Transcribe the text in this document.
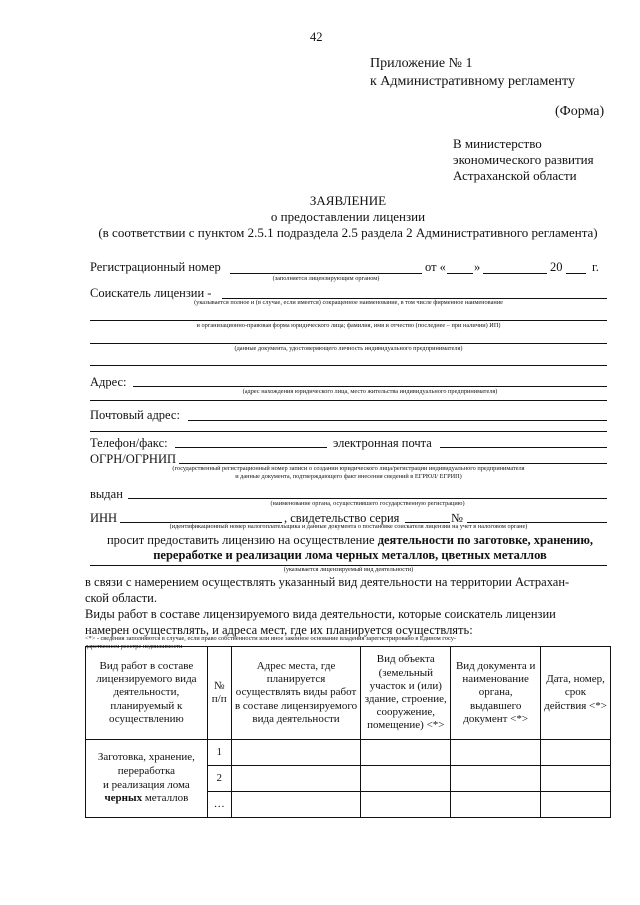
42
Приложение № 1
к Административному регламенту
(Форма)
В министерство
экономического развития
Астраханской области
ЗАЯВЛЕНИЕ
о предоставлении лицензии
(в соответствии с пунктом 2.5.1 подраздела 2.5 раздела 2 Административного регламента)
Регистрационный номер	от « »	20 г.
(заполняется лицензирующим органом)
Соискатель лицензии -
(указывается полное и (в случае, если имеется) сокращенное наименование, в том числе фирменное наименование
и организационно-правовая форма юридического лица; фамилия, имя и отчество (последнее – при наличии) ИП)
(данные документа, удостоверяющего личность индивидуального предпринимателя)
Адрес:
(адрес нахождения юридического лица, место жительства индивидуального предпринимателя)
Почтовый адрес:
Телефон/факс:	электронная почта
ОГРН/ОГРНИП
(государственный регистрационный номер записи о создании юридического лица/регистрации индивидуального предпринимателя
и данные документа, подтверждающего факт внесения сведений в ЕГРЮЛ/ ЕГРИП)
выдан
(наименование органа, осуществившего государственную регистрацию)
ИНН	, свидетельство серия	№
(идентификационный номер налогоплательщика и данные документа о постановке соискателя лицензии на учет в налоговом органе)
просит предоставить лицензию на осуществление деятельности по заготовке, хранению,
переработке и реализации лома черных металлов, цветных металлов
(указывается лицензируемый вид деятельности)
в связи с намерением осуществлять указанный вид деятельности на территории Астрахан-
ской области.
Виды работ в составе лицензируемого вида деятельности, которые соискатель лицензии
намерен осуществлять, и адреса мест, где их планируется осуществлять:
<*> - сведения заполняются в случае, если право собственности или иное законное основание владения зарегистрировано в Едином госу-
дарственном реестре недвижимости
Вид работ в составе лицензируемого вида деятельности, планируемый к осуществлению	№ п/п	Адрес места, где планируется осуществлять виды работ в составе лицензируемого вида деятельности	Вид объекта (земельный участок и (или) здание, строение, сооружение, помещение) <*>	Вид документа и наименование органа, выдавшего документ <*>	Дата, номер, срок действия <*>

Заготовка, хранение,
переработка
и реализация лома
черных металлов	1				
	2				
	…				
